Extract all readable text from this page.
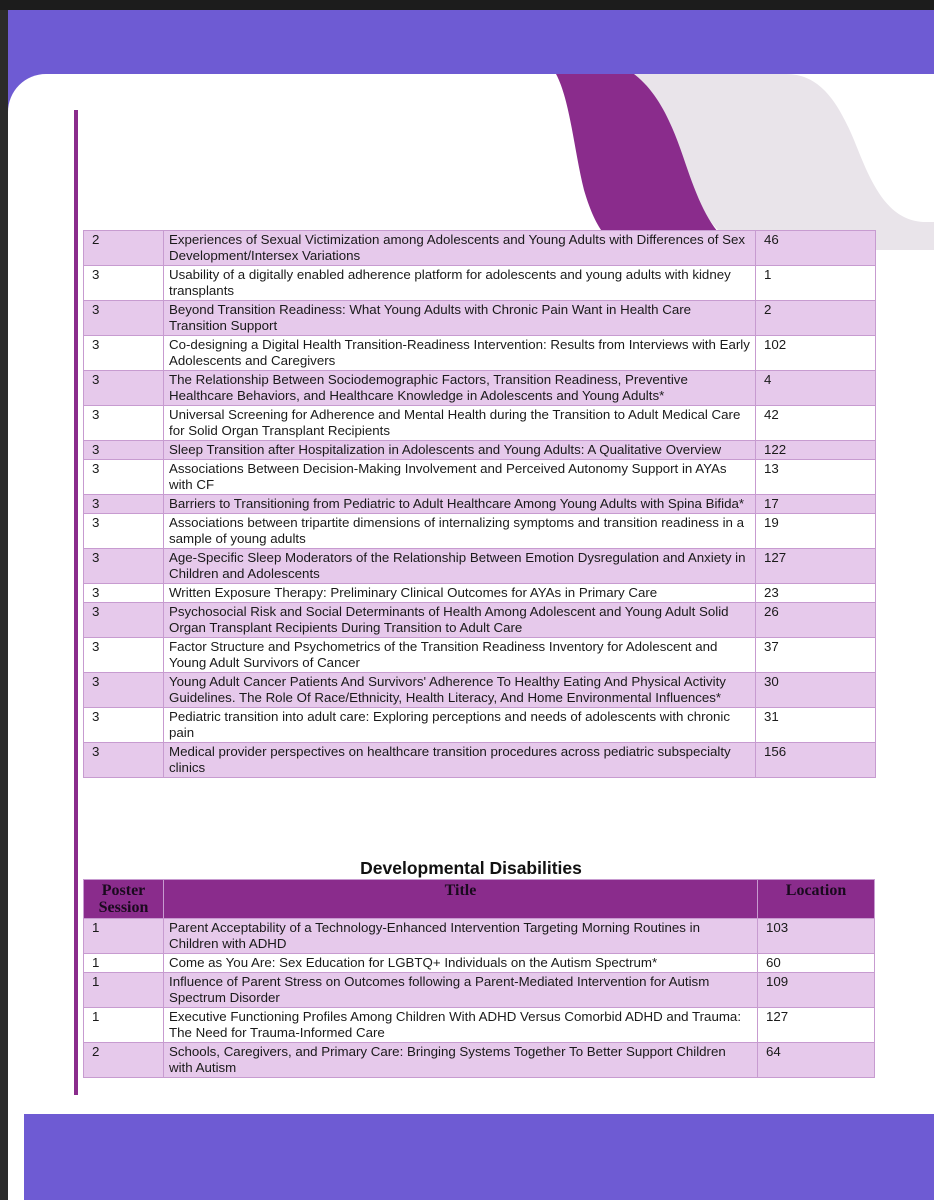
2	Experiences of Sexual Victimization among Adolescents and Young Adults with Differences of Sex Development/Intersex Variations	46
3	Usability of a digitally enabled adherence platform for adolescents and young adults with kidney transplants	1
3	Beyond Transition Readiness: What Young Adults with Chronic Pain Want in Health Care Transition Support	2
3	Co-designing a Digital Health Transition-Readiness Intervention: Results from Interviews with Early Adolescents and Caregivers	102
3	The Relationship Between Sociodemographic Factors, Transition Readiness, Preventive Healthcare Behaviors, and Healthcare Knowledge in Adolescents and Young Adults*	4
3	Universal Screening for Adherence and Mental Health during the Transition to Adult Medical Care for Solid Organ Transplant Recipients	42
3	Sleep Transition after Hospitalization in Adolescents and Young Adults: A Qualitative Overview	122
3	Associations Between Decision-Making Involvement and Perceived Autonomy Support in AYAs with CF	13
3	Barriers to Transitioning from Pediatric to Adult Healthcare Among Young Adults with Spina Bifida*	17
3	Associations between tripartite dimensions of internalizing symptoms and transition readiness in a sample of young adults	19
3	Age-Specific Sleep Moderators of the Relationship Between Emotion Dysregulation and Anxiety in Children and Adolescents	127
3	Written Exposure Therapy: Preliminary Clinical Outcomes for AYAs in Primary Care	23
3	Psychosocial Risk and Social Determinants of Health Among Adolescent and Young Adult Solid Organ Transplant Recipients During Transition to Adult Care	26
3	Factor Structure and Psychometrics of the Transition Readiness Inventory for Adolescent and Young Adult Survivors of Cancer	37
3	Young Adult Cancer Patients And Survivors' Adherence To Healthy Eating And Physical Activity Guidelines. The Role Of Race/Ethnicity, Health Literacy, And Home Environmental Influences*	30
3	Pediatric transition into adult care: Exploring perceptions and needs of adolescents with chronic pain	31
3	Medical provider perspectives on healthcare transition procedures across pediatric subspecialty clinics	156
Developmental Disabilities
Poster Session	Title	Location
1	Parent Acceptability of a Technology-Enhanced Intervention Targeting Morning Routines in Children with ADHD	103
1	Come as You Are: Sex Education for LGBTQ+ Individuals on the Autism Spectrum*	60
1	Influence of Parent Stress on Outcomes following a Parent-Mediated Intervention for Autism Spectrum Disorder	109
1	Executive Functioning Profiles Among Children With ADHD Versus Comorbid ADHD and Trauma: The Need for Trauma-Informed Care	127
2	Schools, Caregivers, and Primary Care: Bringing Systems Together To Better Support Children with Autism	64
